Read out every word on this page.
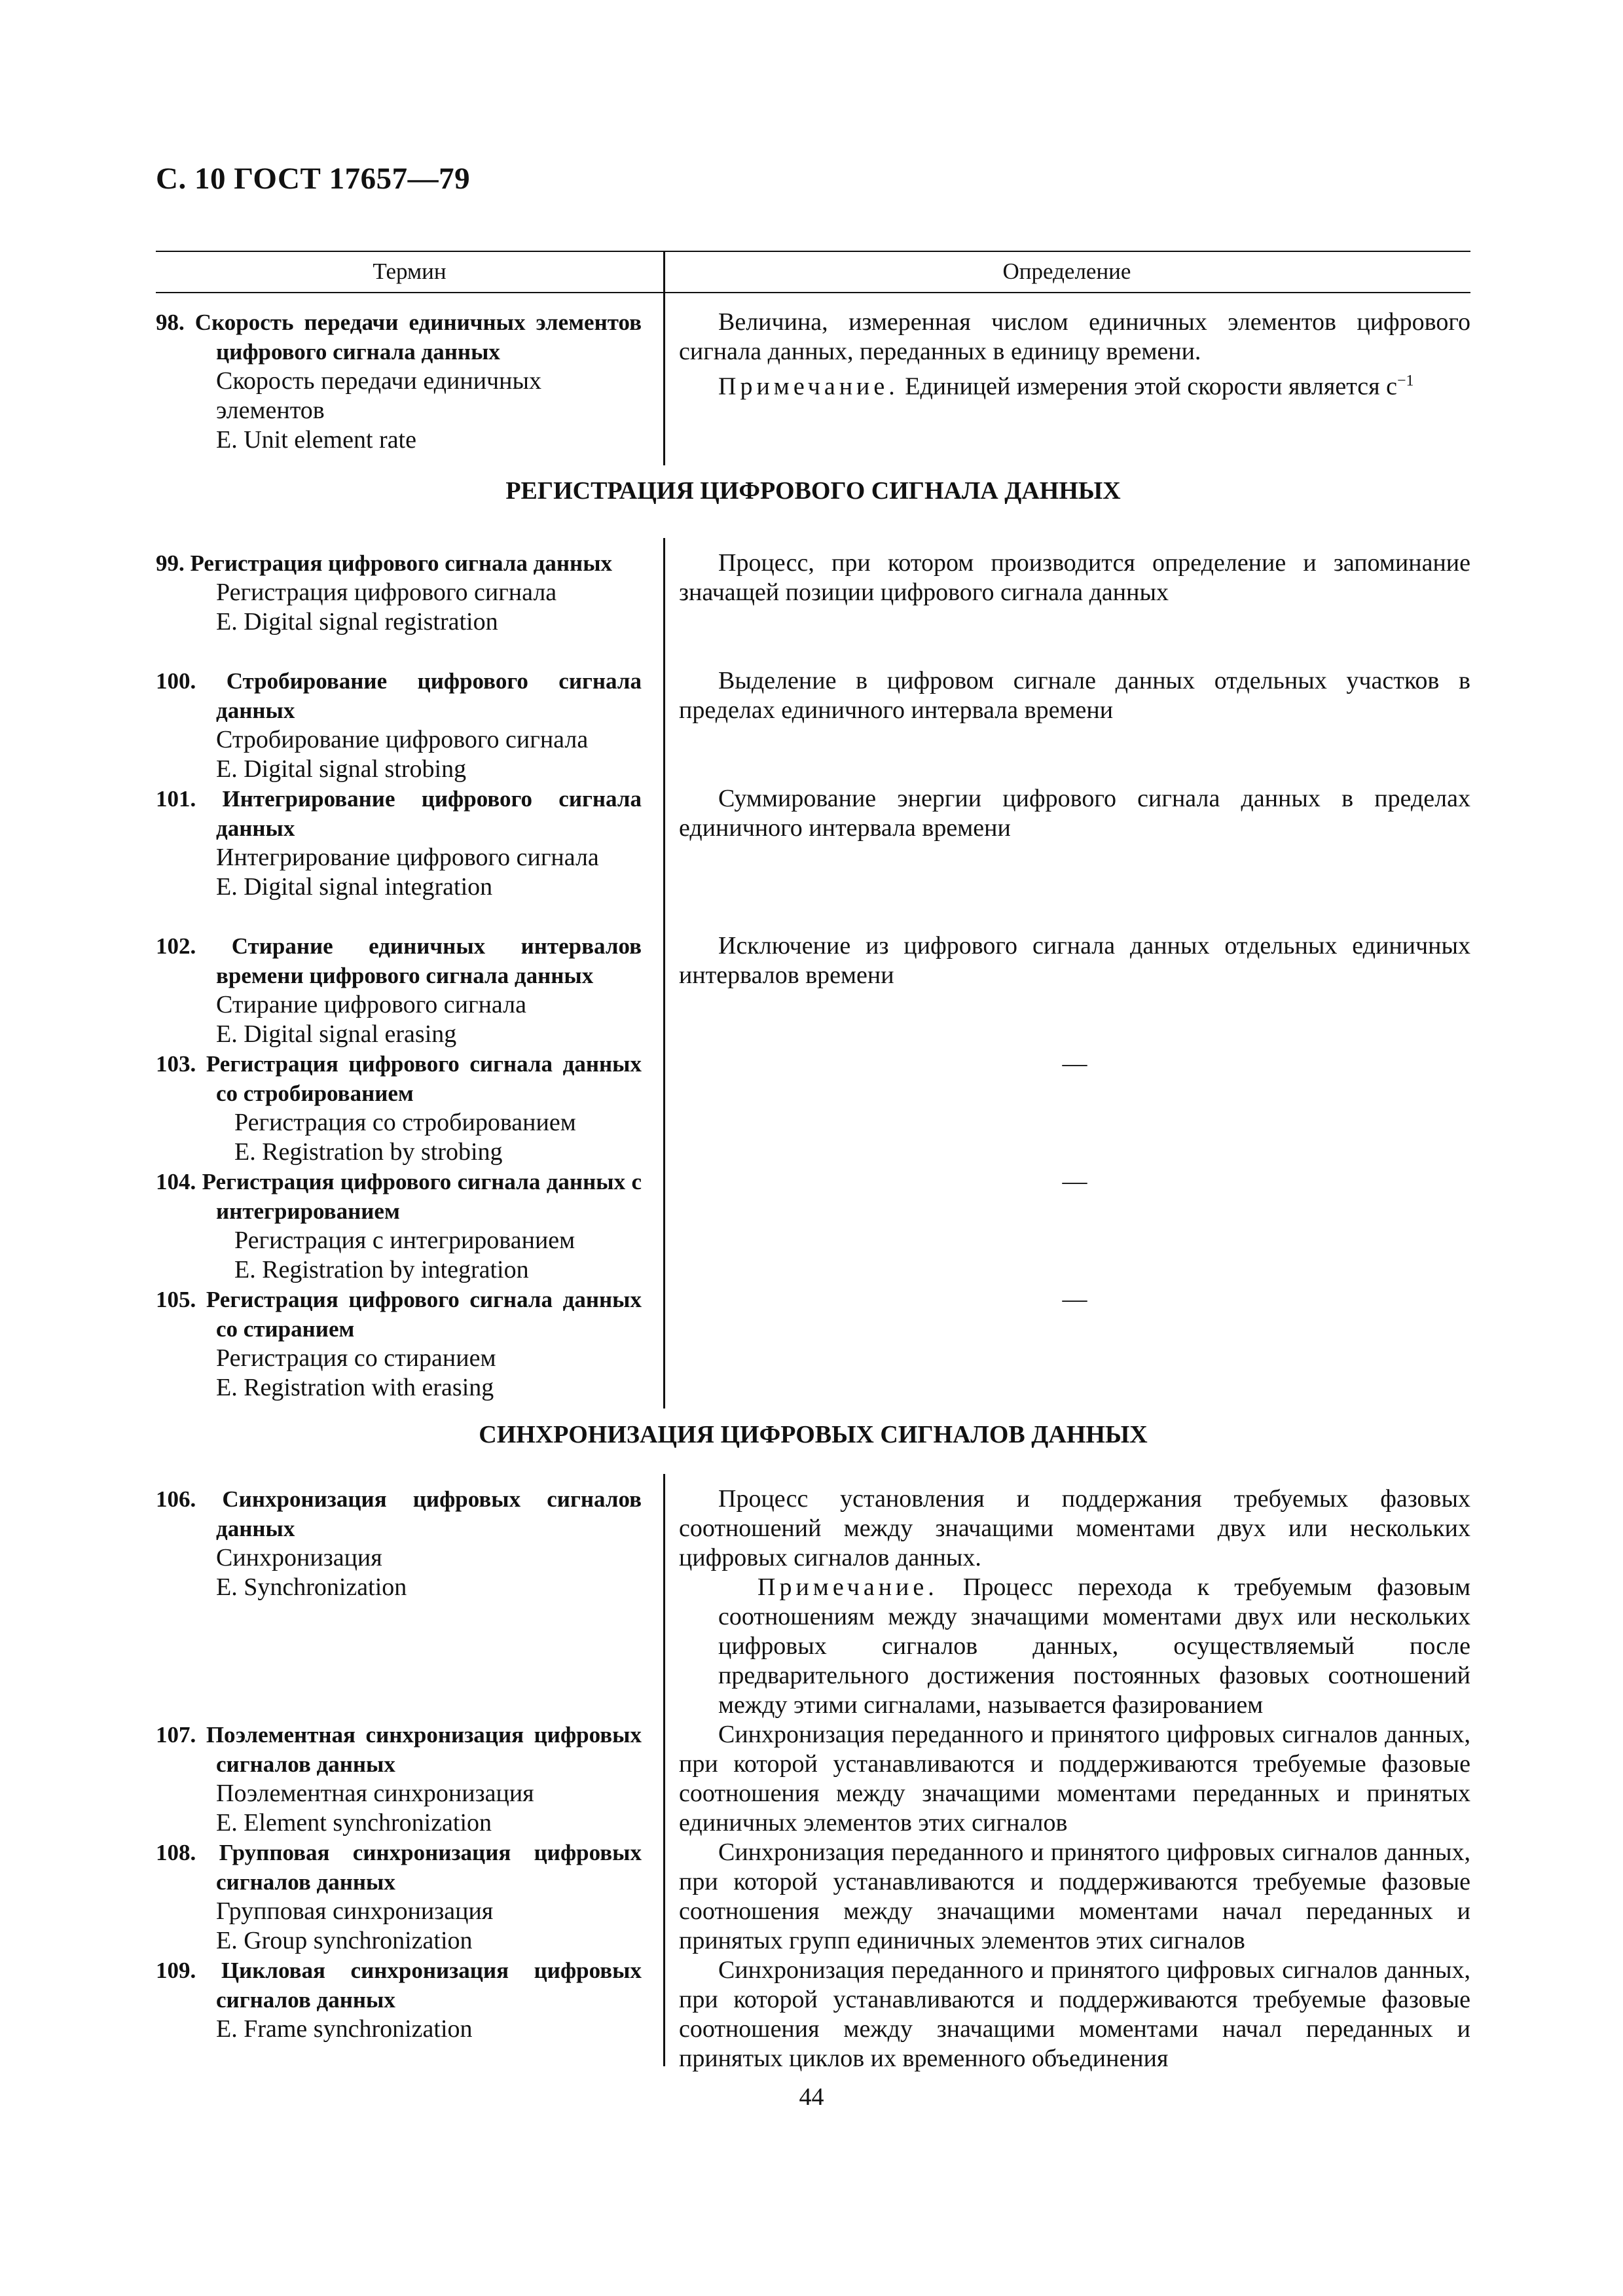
С. 10 ГОСТ 17657—79
Термин	Определение
98. Скорость передачи единичных элементов цифрового сигнала данных
Скорость передачи единичных элементов
E. Unit element rate

Величина, измеренная числом единичных элементов цифрового сигнала данных, переданных в единицу времени.

Примечание. Единицей измерения этой скорости является $с^{-1}$

РЕГИСТРАЦИЯ ЦИФРОВОГО СИГНАЛА ДАННЫХ
99. Регистрация цифрового сигнала данных
Регистрация цифрового сигнала
E. Digital signal registration

Процесс, при котором производится определение и запоминание значащей позиции цифрового сигнала данных

100. Стробирование цифрового сигнала данных
Стробирование цифрового сигнала
E. Digital signal strobing

Выделение в цифровом сигнале данных отдельных участков в пределах единичного интервала времени

101. Интегрирование цифрового сигнала данных
Интегрирование цифрового сигнала
E. Digital signal integration

Суммирование энергии цифрового сигнала данных в пределах единичного интервала времени

102. Стирание единичных интервалов времени цифрового сигнала данных
Стирание цифрового сигнала
E. Digital signal erasing

Исключение из цифрового сигнала данных отдельных единичных интервалов времени

103. Регистрация цифрового сигнала данных со стробированием
Регистрация со стробированием
E. Registration by strobing
—
104. Регистрация цифрового сигнала данных с интегрированием
Регистрация с интегрированием
E. Registration by integration
—
105. Регистрация цифрового сигнала данных со стиранием
Регистрация со стиранием
E. Registration with erasing
—
СИНХРОНИЗАЦИЯ ЦИФРОВЫХ СИГНАЛОВ ДАННЫХ
106. Синхронизация цифровых сигналов данных
Синхронизация
E. Synchronization

Процесс установления и поддержания требуемых фазовых соотношений между значащими моментами двух или нескольких цифровых сигналов данных.

Примечание. Процесс перехода к требуемым фазовым соотношениям между значащими моментами двух или нескольких цифровых сигналов данных, осуществляемый после предварительного достижения постоянных фазовых соотношений между этими сигналами, называется фазированием

107. Поэлементная синхронизация цифровых сигналов данных
Поэлементная синхронизация
E. Element synchronization

Синхронизация переданного и принятого цифровых сигналов данных, при которой устанавливаются и поддерживаются требуемые фазовые соотношения между значащими моментами переданных и принятых единичных элементов этих сигналов

108. Групповая синхронизация цифровых сигналов данных
Групповая синхронизация
E. Group synchronization

Синхронизация переданного и принятого цифровых сигналов данных, при которой устанавливаются и поддерживаются требуемые фазовые соотношения между значащими моментами начал переданных и принятых групп единичных элементов этих сигналов

109. Цикловая синхронизация цифровых сигналов данных
E. Frame synchronization

Синхронизация переданного и принятого цифровых сигналов данных, при которой устанавливаются и поддерживаются требуемые фазовые соотношения между значащими моментами начал переданных и принятых циклов их временного объединения

44
